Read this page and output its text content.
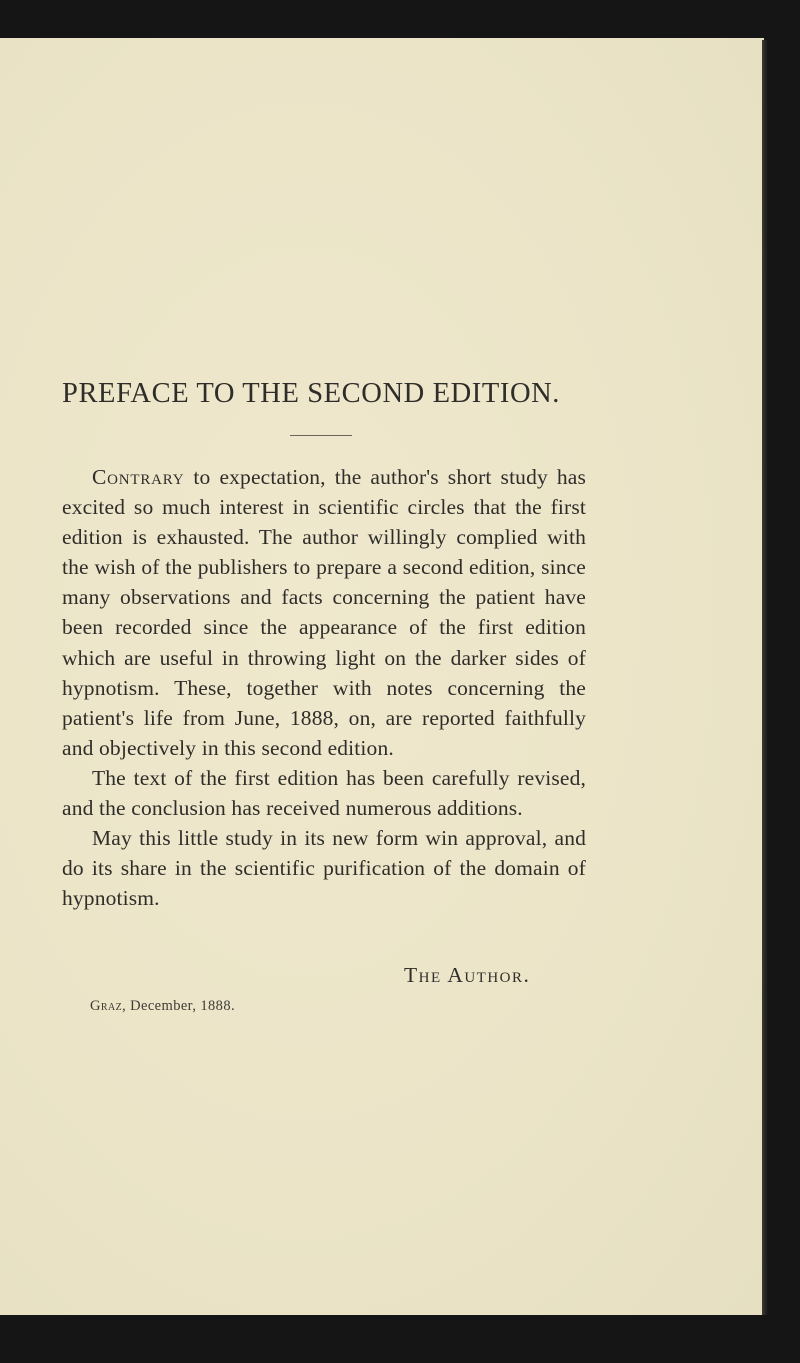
PREFACE TO THE SECOND EDITION.

Contrary to expectation, the author's short study has excited so much interest in scientific circles that the first edition is exhausted. The author willingly complied with the wish of the publishers to prepare a second edition, since many observations and facts concerning the patient have been recorded since the appearance of the first edition which are useful in throwing light on the darker sides of hypnotism. These, together with notes concerning the patient's life from June, 1888, on, are reported faithfully and objectively in this second edition.

The text of the first edition has been carefully revised, and the conclusion has received numerous additions.

May this little study in its new form win approval, and do its share in the scientific purification of the domain of hypnotism.

The Author.
Graz, December, 1888.
